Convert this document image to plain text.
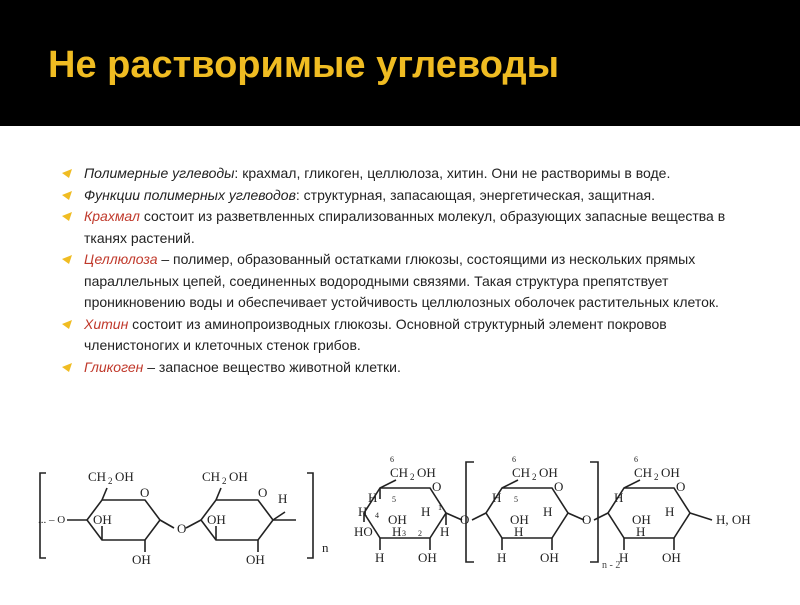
Не растворимые углеводы
Полимерные углеводы: крахмал, гликоген, целлюлоза, хитин. Они не растворимы в воде.
Функции полимерных углеводов: структурная, запасающая, энергетическая, защитная.
Крахмал состоит из разветвленных спирализованных молекул, образующих запасные вещества в тканях растений.
Целлюлоза – полимер, образованный остатками глюкозы, состоящими из нескольких прямых параллельных цепей, соединенных водородными связями. Такая структура препятствует проникновению воды и обеспечивает устойчивость целлюлозных оболочек растительных клеток.
Хитин состоит из аминопроизводных глюкозы. Основной структурный элемент покровов членистоногих и клеточных стенок грибов.
Гликоген – запасное вещество животной клетки.
... – O
CH 2 OH
O
OH
OH
O
CH 2 OH
O
OH
OH
H
n
6
CH 2 OH
O
H 5
H 4 OH
H 1
HO H 3 2 H
H	OH
O
6
CH 2 OH
O
H 5
OH
H
H
H	OH
O
n - 2
6
CH 2 OH
O
H
OH
H
H
H	OH
H, OH
